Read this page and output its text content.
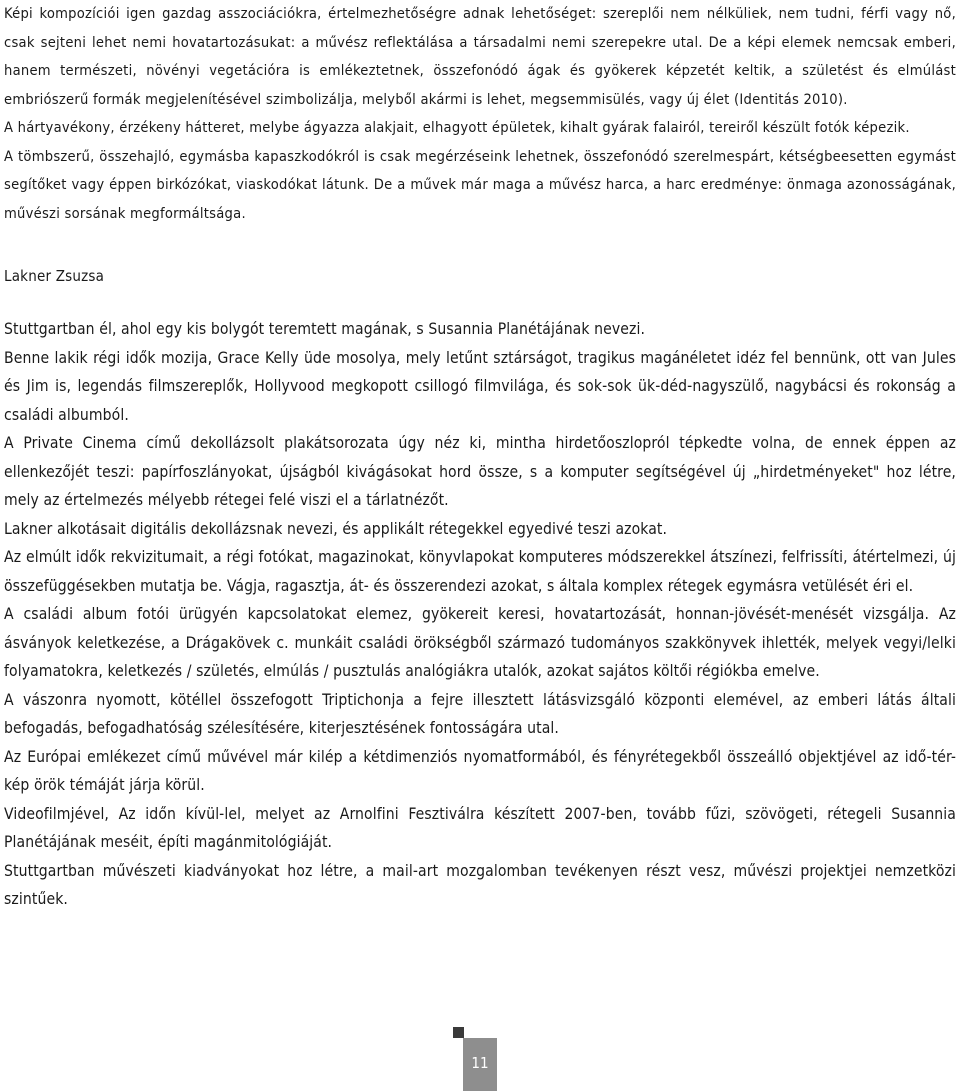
Képi kompozíciói igen gazdag asszociációkra, értelmezhetőségre adnak lehetőséget: szereplői nem nélküliek, nem tudni, férfi vagy nő, csak sejteni lehet nemi hovatartozásukat: a művész reflektálása a társadalmi nemi szerepekre utal. De a képi elemek nemcsak emberi, hanem természeti, növényi vegetációra is emlékeztetnek, összefonódó ágak és gyökerek képzetét keltik, a születést és elmúlást embriószerű formák megjelenítésével szimbolizálja, melyből akármi is lehet, megsemmisülés, vagy új élet (Identitás 2010).

A hártyavékony, érzékeny hátteret, melybe ágyazza alakjait, elhagyott épületek, kihalt gyárak falairól, tereiről készült fotók képezik.

A tömbszerű, összehajló, egymásba kapaszkodókról is csak megérzéseink lehetnek, összefonódó szerelmespárt, kétségbeesetten egymást segítőket vagy éppen birkózókat, viaskodókat látunk. De a művek már maga a művész harca, a harc eredménye: önmaga azonosságának, művészi sorsának megformáltsága.

Lakner Zsuzsa

Stuttgartban él, ahol egy kis bolygót teremtett magának, s Susannia Planétájának nevezi.

Benne lakik régi idők mozija, Grace Kelly üde mosolya, mely letűnt sztárságot, tragikus magánéletet idéz fel bennünk, ott van Jules és Jim is, legendás filmszereplők, Hollyvood megkopott csillogó filmvilága, és sok-sok ük-déd-nagyszülő, nagybácsi és rokonság a családi albumból.

A Private Cinema című dekollázsolt plakátsorozata úgy néz ki, mintha hirdetőoszlopról tépkedte volna, de ennek éppen az ellenkezőjét teszi: papírfoszlányokat, újságból kivágásokat hord össze, s a komputer segítségével új „hirdetményeket" hoz létre, mely az értelmezés mélyebb rétegei felé viszi el a tárlatnézőt.

Lakner alkotásait digitális dekollázsnak nevezi, és applikált rétegekkel egyedivé teszi azokat.

Az elmúlt idők rekvizitumait, a régi fotókat, magazinokat, könyvlapokat komputeres módszerekkel átszínezi, felfrissíti, átértelmezi, új összefüggésekben mutatja be. Vágja, ragasztja, át- és összerendezi azokat, s általa komplex rétegek egymásra vetülését éri el.

A családi album fotói ürügyén kapcsolatokat elemez, gyökereit keresi, hovatartozását, honnan-jövését-menését vizsgálja. Az ásványok keletkezése, a Drágakövek c. munkáit családi örökségből származó tudományos szakkönyvek ihlették, melyek vegyi/lelki folyamatokra, keletkezés / születés, elmúlás / pusztulás analógiákra utalók, azokat sajátos költői régiókba emelve.

A vászonra nyomott, kötéllel összefogott Triptichonja a fejre illesztett látásvizsgáló központi elemével, az emberi látás általi befogadás, befogadhatóság szélesítésére, kiterjesztésének fontosságára utal.

Az Európai emlékezet című művével már kilép a kétdimenziós nyomatformából, és fényrétegekből összeálló objektjével az idő-tér-kép örök témáját járja körül.

Videofilmjével, Az időn kívül-lel, melyet az Arnolfini Fesztiválra készített 2007-ben, tovább fűzi, szövögeti, rétegeli Susannia Planétájának meséit, építi magánmitológiáját.

Stuttgartban művészeti kiadványokat hoz létre, a mail-art mozgalomban tevékenyen részt vesz, művészi projektjei nemzetközi szintűek.

11
